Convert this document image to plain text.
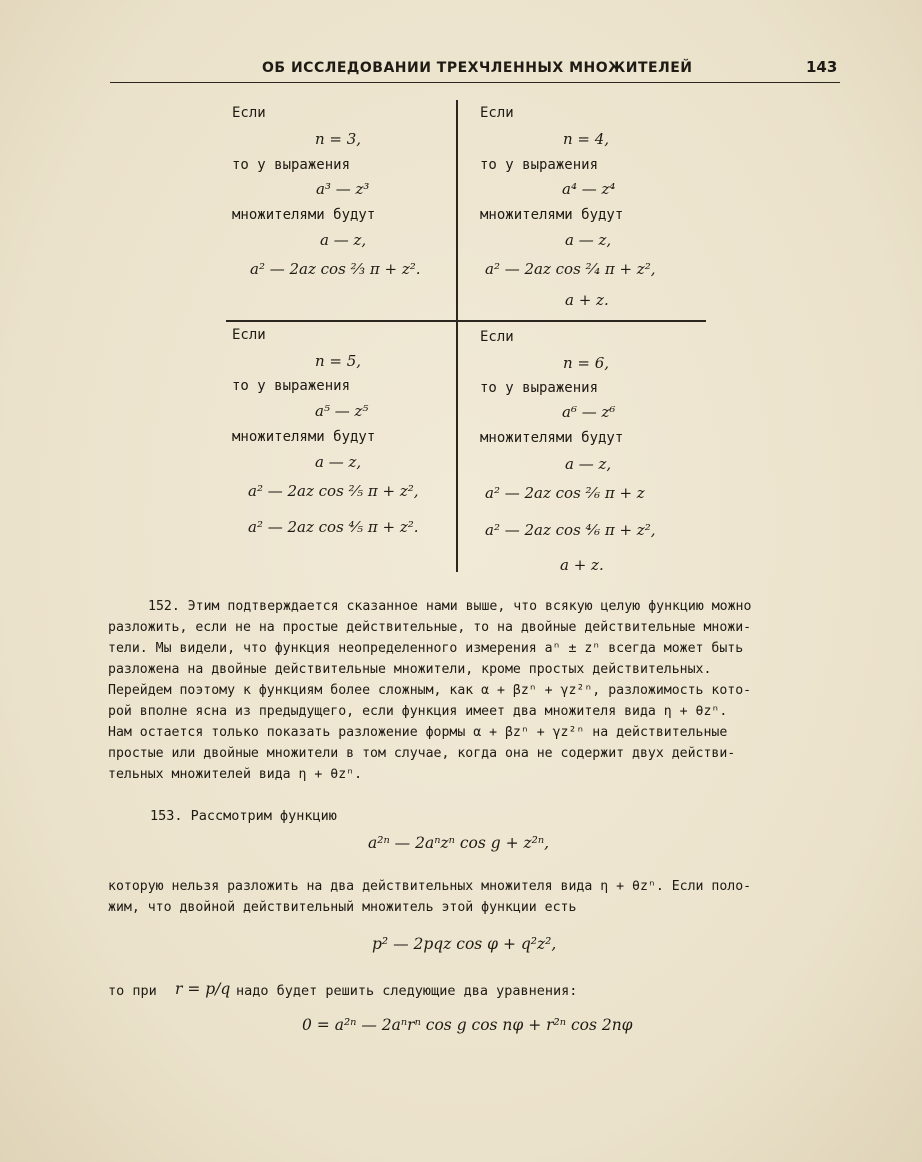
ОБ ИССЛЕДОВАНИИ ТРЕХЧЛЕННЫХ МНОЖИТЕЛЕЙ	143
Если
n = 3,
то у выражения
a³ — z³
множителями будут
a — z,
a² — 2az cos ⅔ π + z².
Если
n = 4,
то у выражения
a⁴ — z⁴
множителями будут
a — z,
a² — 2az cos ²⁄₄ π + z²,
a + z.
Если
n = 5,
то у выражения
a⁵ — z⁵
множителями будут
a — z,
a² — 2az cos ⅖ π + z²,
a² — 2az cos ⅘ π + z².
Если
n = 6,
то у выражения
a⁶ — z⁶
множителями будут
a — z,
a² — 2az cos ²⁄₆ π + z
a² — 2az cos ⁴⁄₆ π + z²,
a + z.
152. Этим подтверждается сказанное нами выше, что всякую целую функцию можно
разложить, если не на простые действительные, то на двойные действительные множи-
тели. Мы видели, что функция неопределенного измерения aⁿ ± zⁿ всегда может быть
разложена на двойные действительные множители, кроме простых действительных.
Перейдем поэтому к функциям более сложным, как α + βzⁿ + γz²ⁿ, разложимость кото-
рой вполне ясна из предыдущего, если функция имеет два множителя вида η + θzⁿ.
Нам остается только показать разложение формы α + βzⁿ + γz²ⁿ на действительные
простые или двойные множители в том случае, когда она не содержит двух действи-
тельных множителей вида η + θzⁿ.
153. Рассмотрим функцию
a²ⁿ — 2aⁿzⁿ cos g + z²ⁿ,
которую нельзя разложить на два действительных множителя вида η + θzⁿ. Если поло-
жим, что двойной действительный множитель этой функции есть
p² — 2pqz cos φ + q²z²,
то при r = p/q надо будет решить следующие два уравнения:
0 = a²ⁿ — 2aⁿrⁿ cos g cos nφ + r²ⁿ cos 2nφ
